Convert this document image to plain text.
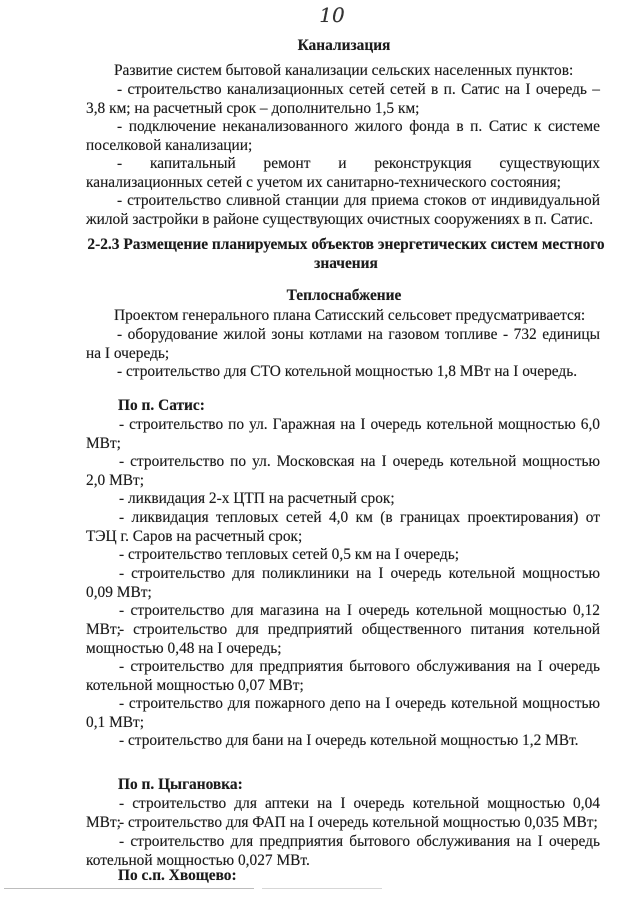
10
Канализация
Развитие систем бытовой канализации сельских населенных пунктов:
- строительство канализационных сетей сетей в п. Сатис на I очередь – 3,8 км; на расчетный срок – дополнительно 1,5 км;
- подключение неканализованного жилого фонда в п. Сатис к системе поселковой канализации;
- капитальный ремонт и реконструкция существующих канализационных сетей с учетом их санитарно-технического состояния;
- строительство сливной станции для приема стоков от индивидуальной жилой застройки в районе существующих очистных сооружениях в п. Сатис.
2-2.3 Размещение планируемых объектов энергетических систем местного значения
Теплоснабжение
Проектом генерального плана Сатисский сельсовет предусматривается:
- оборудование жилой зоны котлами на газовом топливе - 732 единицы на I очередь;
- строительство для СТО котельной мощностью 1,8 МВт на I очередь.
По п. Сатис:
- строительство по ул. Гаражная на I очередь котельной мощностью 6,0 МВт;
- строительство по ул. Московская на I очередь котельной мощностью 2,0 МВт;
- ликвидация 2-х ЦТП на расчетный срок;
- ликвидация тепловых сетей 4,0 км (в границах проектирования) от ТЭЦ г. Саров на расчетный срок;
- строительство тепловых сетей 0,5 км на I очередь;
- строительство для поликлиники на I очередь котельной мощностью 0,09 МВт;
- строительство для магазина на I очередь котельной мощностью 0,12 МВт;
- строительство для предприятий общественного питания котельной мощностью 0,48 на I очередь;
- строительство для предприятия бытового обслуживания на I очередь котельной мощностью 0,07 МВт;
- строительство для пожарного депо на I очередь котельной мощностью 0,1 МВт;
- строительство для бани на I очередь котельной мощностью 1,2 МВт.
По п. Цыгановка:
- строительство для аптеки на I очередь котельной мощностью 0,04 МВт;
- строительство для ФАП на I очередь котельной мощностью 0,035 МВт;
- строительство для предприятия бытового обслуживания на I очередь котельной мощностью 0,027 МВт.
По с.п. Хвощево:
